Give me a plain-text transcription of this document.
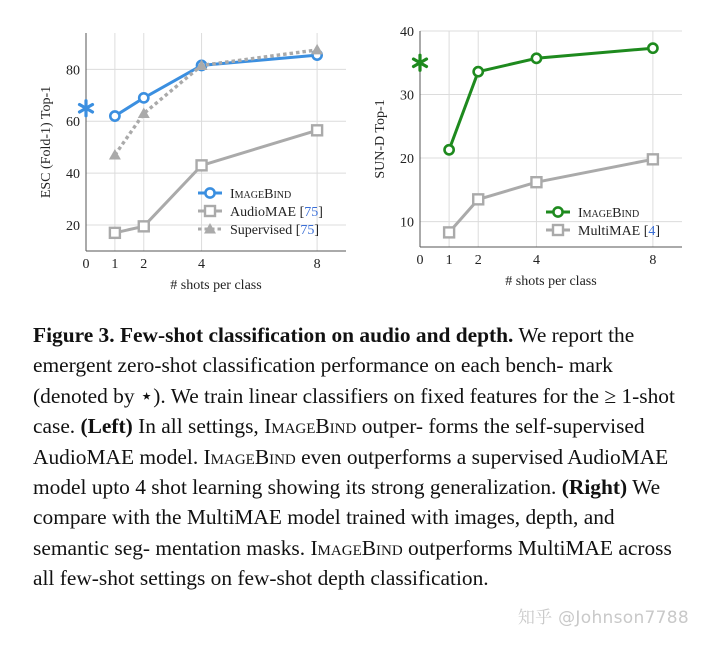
0 1 2	4	8
20
40
60
80
# shots per class
ESC (Fold-1) Top-1	ImageBind
AudioMAE [75]
Supervised [75]
0 1 2	4	8
10
20
30
40
# shots per class
SUN-D Top-1
ImageBind
MultiMAE [4]
Figure 3. Few-shot classification on audio and depth. We report the emergent zero-shot classification performance on each bench- mark (denoted by ⋆). We train linear classifiers on fixed features for the ≥ 1-shot case. (Left) In all settings, ImageBind outper- forms the self-supervised AudioMAE model. ImageBind even outperforms a supervised AudioMAE model upto 4 shot learning showing its strong generalization. (Right) We compare with the MultiMAE model trained with images, depth, and semantic seg- mentation masks. ImageBind outperforms MultiMAE across all few-shot settings on few-shot depth classification.
知乎 @Johnson7788
